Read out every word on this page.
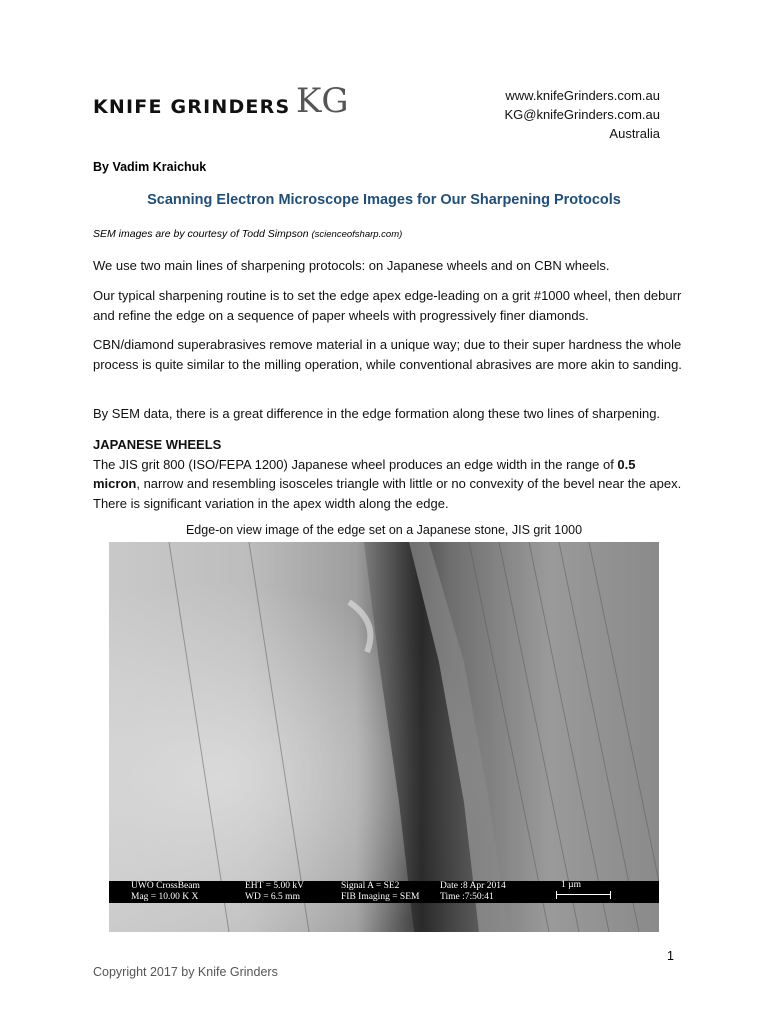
KNIFE GRINDERS KG	www.knifeGrinders.com.au
KG@knifeGrinders.com.au
Australia
By Vadim Kraichuk
Scanning Electron Microscope Images for Our Sharpening Protocols
SEM images are by courtesy of Todd Simpson (scienceofsharp.com)
We use two main lines of sharpening protocols: on Japanese wheels and on CBN wheels.
Our typical sharpening routine is to set the edge apex edge-leading on a grit #1000 wheel, then deburr and refine the edge on a sequence of paper wheels with progressively finer diamonds.
CBN/diamond superabrasives remove material in a unique way; due to their super hardness the whole process is quite similar to the milling operation, while conventional abrasives are more akin to sanding.
By SEM data, there is a great difference in the edge formation along these two lines of sharpening.
JAPANESE WHEELS
The JIS grit 800 (ISO/FEPA 1200) Japanese wheel produces an edge width in the range of 0.5 micron, narrow and resembling isosceles triangle with little or no convexity of the bevel near the apex. There is significant variation in the apex width along the edge.
Edge-on view image of the edge set on a Japanese stone, JIS grit 1000
UWO CrossBeam
Mag = 10.00 K X
EHT = 5.00 kV
WD = 6.5 mm
Signal A = SE2
FIB Imaging = SEM
Date :8 Apr 2014
Time :7:50:41
1 µm
1
Copyright 2017 by Knife Grinders
